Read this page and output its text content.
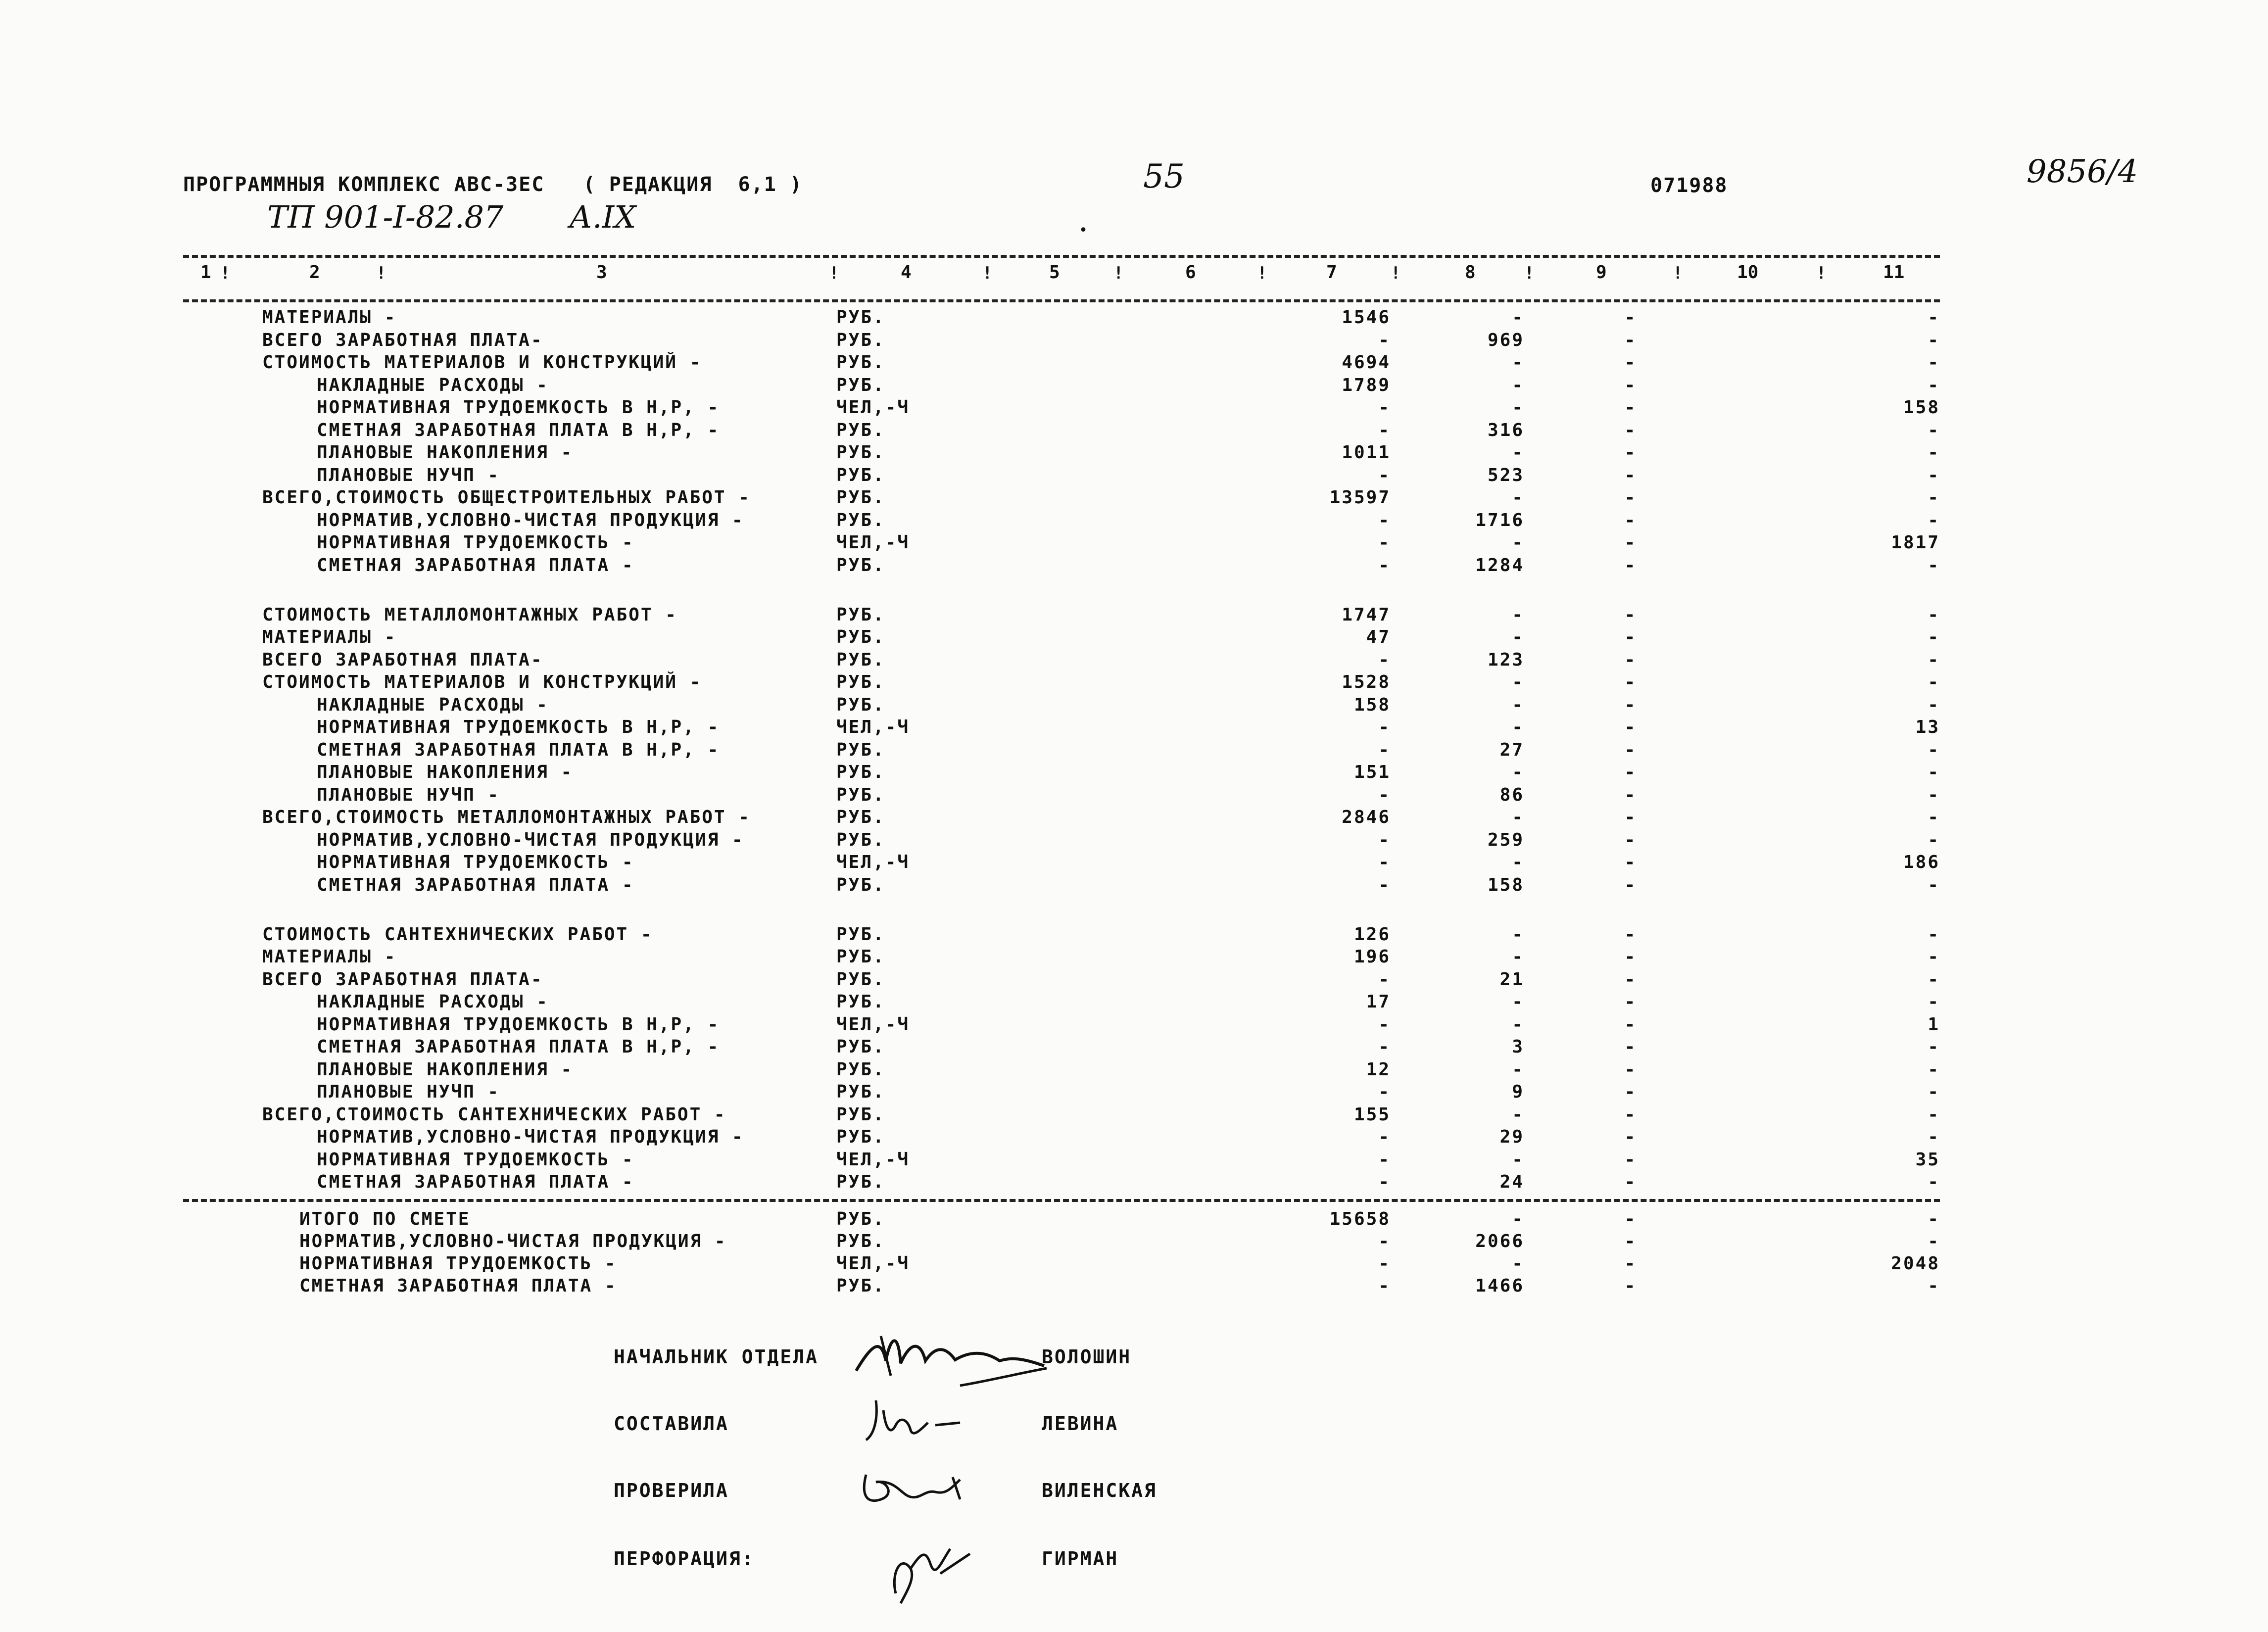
ПРОГРАММНЫЯ КОМПЛЕКС АВС-3ЕС   ( РЕДАКЦИЯ  6,1 )	55	071988	9856/4
ТП 901-I-82.87 А.IX	•
1	2	3	4	5	6	7	8	9	10	11
!	!	!	!	!	!	!	!	!	!
МАТЕРИАЛЫ -	РУБ.	1546	-	-	-
ВСЕГО ЗАРАБОТНАЯ ПЛАТА-	РУБ.	-	969	-	-
СТОИМОСТЬ МАТЕРИАЛОВ И КОНСТРУКЦИЙ -	РУБ.	4694	-	-	-
НАКЛАДНЫЕ РАСХОДЫ -	РУБ.	1789	-	-	-
НОРМАТИВНАЯ ТРУДОЕМКОСТЬ В Н,Р, -	ЧЕЛ,-Ч	-	-	-	158
СМЕТНАЯ ЗАРАБОТНАЯ ПЛАТА В Н,Р, -	РУБ.	-	316	-	-
ПЛАНОВЫЕ НАКОПЛЕНИЯ -	РУБ.	1011	-	-	-
ПЛАНОВЫЕ НУЧП -	РУБ.	-	523	-	-
ВСЕГО,СТОИМОСТЬ ОБЩЕСТРОИТЕЛЬНЫХ РАБОТ -	РУБ.	13597	-	-	-
НОРМАТИВ,УСЛОВНО-ЧИСТАЯ ПРОДУКЦИЯ -	РУБ.	-	1716	-	-
НОРМАТИВНАЯ ТРУДОЕМКОСТЬ -	ЧЕЛ,-Ч	-	-	-	1817
СМЕТНАЯ ЗАРАБОТНАЯ ПЛАТА -	РУБ.	-	1284	-	-
СТОИМОСТЬ МЕТАЛЛОМОНТАЖНЫХ РАБОТ -	РУБ.	1747	-	-	-
МАТЕРИАЛЫ -	РУБ.	47	-	-	-
ВСЕГО ЗАРАБОТНАЯ ПЛАТА-	РУБ.	-	123	-	-
СТОИМОСТЬ МАТЕРИАЛОВ И КОНСТРУКЦИЙ -	РУБ.	1528	-	-	-
НАКЛАДНЫЕ РАСХОДЫ -	РУБ.	158	-	-	-
НОРМАТИВНАЯ ТРУДОЕМКОСТЬ В Н,Р, -	ЧЕЛ,-Ч	-	-	-	13
СМЕТНАЯ ЗАРАБОТНАЯ ПЛАТА В Н,Р, -	РУБ.	-	27	-	-
ПЛАНОВЫЕ НАКОПЛЕНИЯ -	РУБ.	151	-	-	-
ПЛАНОВЫЕ НУЧП -	РУБ.	-	86	-	-
ВСЕГО,СТОИМОСТЬ МЕТАЛЛОМОНТАЖНЫХ РАБОТ -	РУБ.	2846	-	-	-
НОРМАТИВ,УСЛОВНО-ЧИСТАЯ ПРОДУКЦИЯ -	РУБ.	-	259	-	-
НОРМАТИВНАЯ ТРУДОЕМКОСТЬ -	ЧЕЛ,-Ч	-	-	-	186
СМЕТНАЯ ЗАРАБОТНАЯ ПЛАТА -	РУБ.	-	158	-	-
СТОИМОСТЬ САНТЕХНИЧЕСКИХ РАБОТ -	РУБ.	126	-	-	-
МАТЕРИАЛЫ -	РУБ.	196	-	-	-
ВСЕГО ЗАРАБОТНАЯ ПЛАТА-	РУБ.	-	21	-	-
НАКЛАДНЫЕ РАСХОДЫ -	РУБ.	17	-	-	-
НОРМАТИВНАЯ ТРУДОЕМКОСТЬ В Н,Р, -	ЧЕЛ,-Ч	-	-	-	1
СМЕТНАЯ ЗАРАБОТНАЯ ПЛАТА В Н,Р, -	РУБ.	-	3	-	-
ПЛАНОВЫЕ НАКОПЛЕНИЯ -	РУБ.	12	-	-	-
ПЛАНОВЫЕ НУЧП -	РУБ.	-	9	-	-
ВСЕГО,СТОИМОСТЬ САНТЕХНИЧЕСКИХ РАБОТ -	РУБ.	155	-	-	-
НОРМАТИВ,УСЛОВНО-ЧИСТАЯ ПРОДУКЦИЯ -	РУБ.	-	29	-	-
НОРМАТИВНАЯ ТРУДОЕМКОСТЬ -	ЧЕЛ,-Ч	-	-	-	35
СМЕТНАЯ ЗАРАБОТНАЯ ПЛАТА -	РУБ.	-	24	-	-
ИТОГО ПО СМЕТЕ	РУБ.	15658	-	-	-
НОРМАТИВ,УСЛОВНО-ЧИСТАЯ ПРОДУКЦИЯ -	РУБ.	-	2066	-	-
НОРМАТИВНАЯ ТРУДОЕМКОСТЬ -	ЧЕЛ,-Ч	-	-	-	2048
СМЕТНАЯ ЗАРАБОТНАЯ ПЛАТА -	РУБ.	-	1466	-	-
НАЧАЛЬНИК ОТДЕЛА	ВОЛОШИН
СОСТАВИЛА	ЛЕВИНА
ПРОВЕРИЛА	ВИЛЕНСКАЯ
ПЕРФОРАЦИЯ:	ГИРМАН
